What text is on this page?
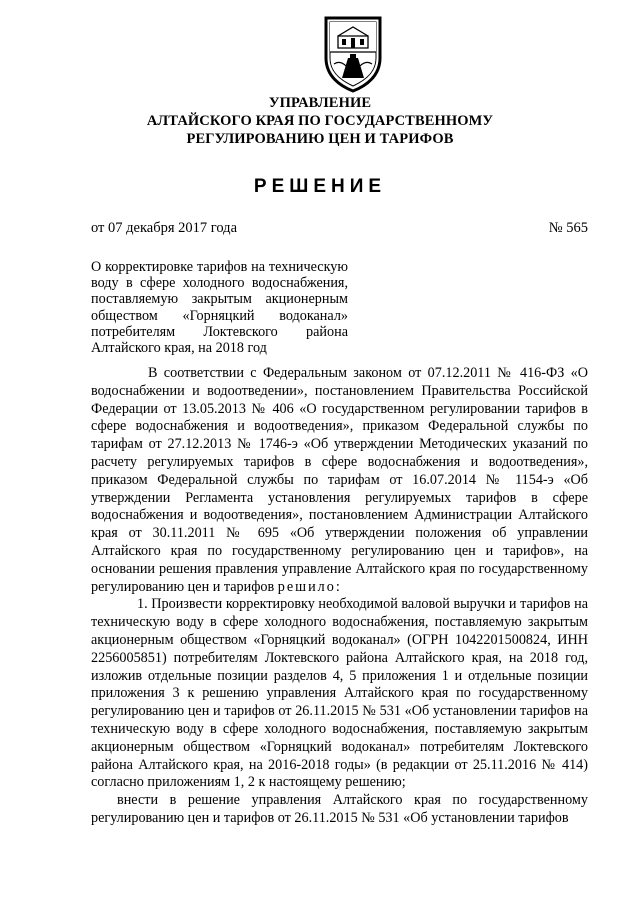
УПРАВЛЕНИЕ
АЛТАЙСКОГО КРАЯ ПО ГОСУДАРСТВЕННОМУ
РЕГУЛИРОВАНИЮ ЦЕН И ТАРИФОВ
РЕШЕНИЕ
от 07 декабря 2017 года	№ 565
О корректировке тарифов на техническую воду в сфере холодного водоснабжения, поставляемую закрытым акционерным обществом «Горняцкий водоканал» потребителям Локтевского района Алтайского края, на 2018 год

В соответствии с Федеральным законом от 07.12.2011 № 416-ФЗ «О водоснабжении и водоотведении», постановлением Правительства Российской Федерации от 13.05.2013 № 406 «О государственном регулировании тарифов в сфере водоснабжения и водоотведения», приказом Федеральной службы по тарифам от 27.12.2013 № 1746-э «Об утверждении Методических указаний по расчету регулируемых тарифов в сфере водоснабжения и водоотведения», приказом Федеральной службы по тарифам от 16.07.2014 № 1154-э «Об утверждении Регламента установления регулируемых тарифов в сфере водоснабжения и водоотведения», постановлением Администрации Алтайского края от 30.11.2011 № 695 «Об утверждении положения об управлении Алтайского края по государственному регулированию цен и тарифов», на основании решения правления управление Алтайского края по государственному регулированию цен и тарифов решило:

1. Произвести корректировку необходимой валовой выручки и тарифов на техническую воду в сфере холодного водоснабжения, поставляемую закрытым акционерным обществом «Горняцкий водоканал» (ОГРН 1042201500824, ИНН 2256005851) потребителям Локтевского района Алтайского края, на 2018 год, изложив отдельные позиции разделов 4, 5 приложения 1 и отдельные позиции приложения 3 к решению управления Алтайского края по государственному регулированию цен и тарифов от 26.11.2015 № 531 «Об установлении тарифов на техническую воду в сфере холодного водоснабжения, поставляемую закрытым акционерным обществом «Горняцкий водоканал» потребителям Локтевского района Алтайского края, на 2016-2018 годы» (в редакции от 25.11.2016 № 414) согласно приложениям 1, 2 к настоящему решению;

внести в решение управления Алтайского края по государственному регулированию цен и тарифов от 26.11.2015 № 531 «Об установлении тарифов
